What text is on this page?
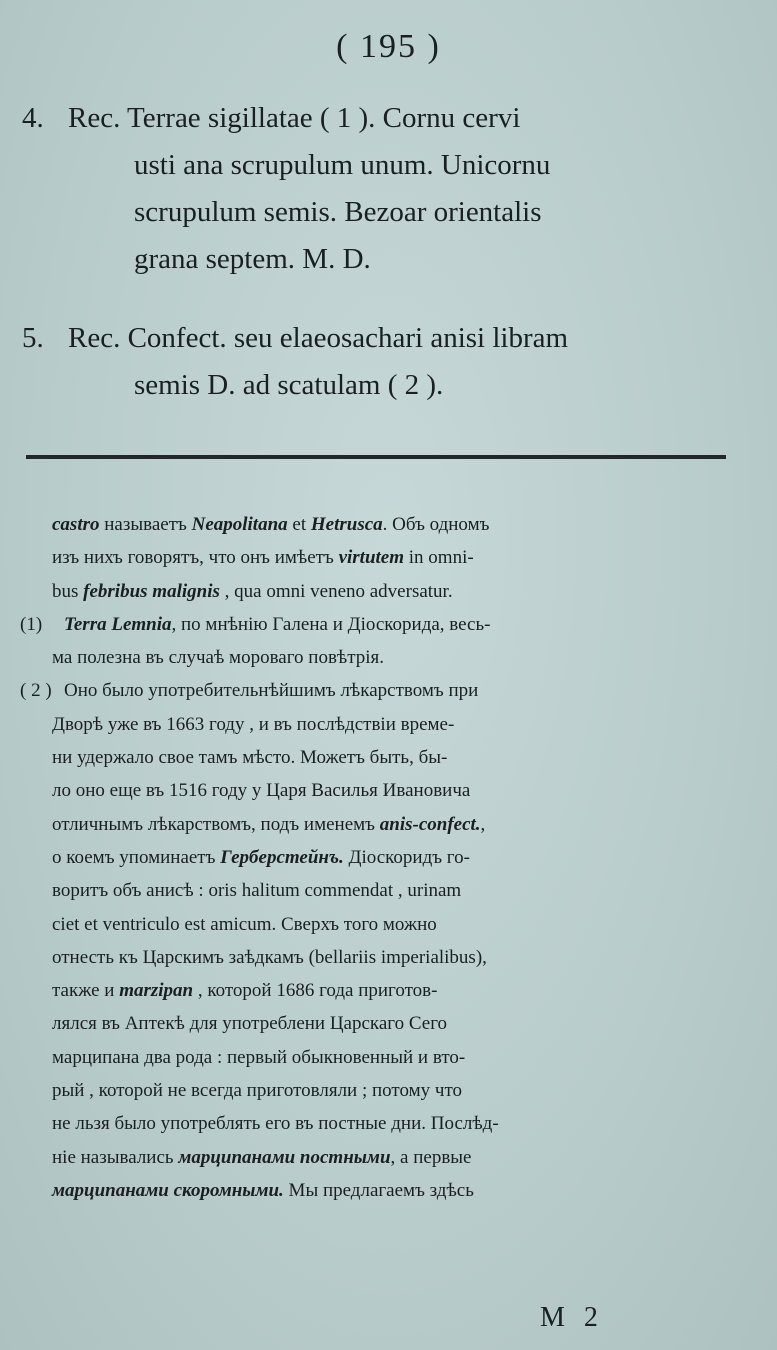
( 195 )
4. Rec. Terrae sigillatae ( 1 ). Cornu cervi
usti ana scrupulum unum. Unicornu
scrupulum semis. Bezoar orientalis
grana septem. M. D.
5. Rec. Confect. seu elaeosachari anisi libram
semis D. ad scatulam ( 2 ).
castro называетъ Neapolitana et Hetrusca. Объ одномъ
изъ нихъ говорятъ, что онъ имѣетъ virtutem in omni-
bus febribus malignis , qua omni veneno adversatur.
(1) Terra Lemnia, по мнѣнію Галена и Діоскорида, весь-
ма полезна въ случаѣ мороваго повѣтрія.
( 2 ) Оно было употребительнѣйшимъ лѣкарствомъ при
Дворѣ уже въ 1663 году , и въ послѣдствіи време-
ни удержало свое тамъ мѣсто. Можетъ быть, бы-
ло оно еще въ 1516 году у Царя Василья Ивановича
отличнымъ лѣкарствомъ, подъ именемъ anis-confect.,
о коемъ упоминаетъ Герберстейнъ. Діоскоридъ го-
воритъ объ анисѣ : oris halitum commendat , urinam
ciet et ventriculo est amicum. Сверхъ того можно
отнесть къ Царскимъ заѣдкамъ (bellariis imperialibus),
также и marzipan , которой 1686 года приготов-
лялся въ Аптекѣ для употреблени Царскаго Сего
марципана два рода : первый обыкновенный и вто-
рый , которой не всегда приготовляли ; потому что
не льзя было употреблять его въ постные дни. Послѣд-
ніе назывались марципанами постными, а первые
марципанами скоромными. Мы предлагаемъ здѣсь
M 2
